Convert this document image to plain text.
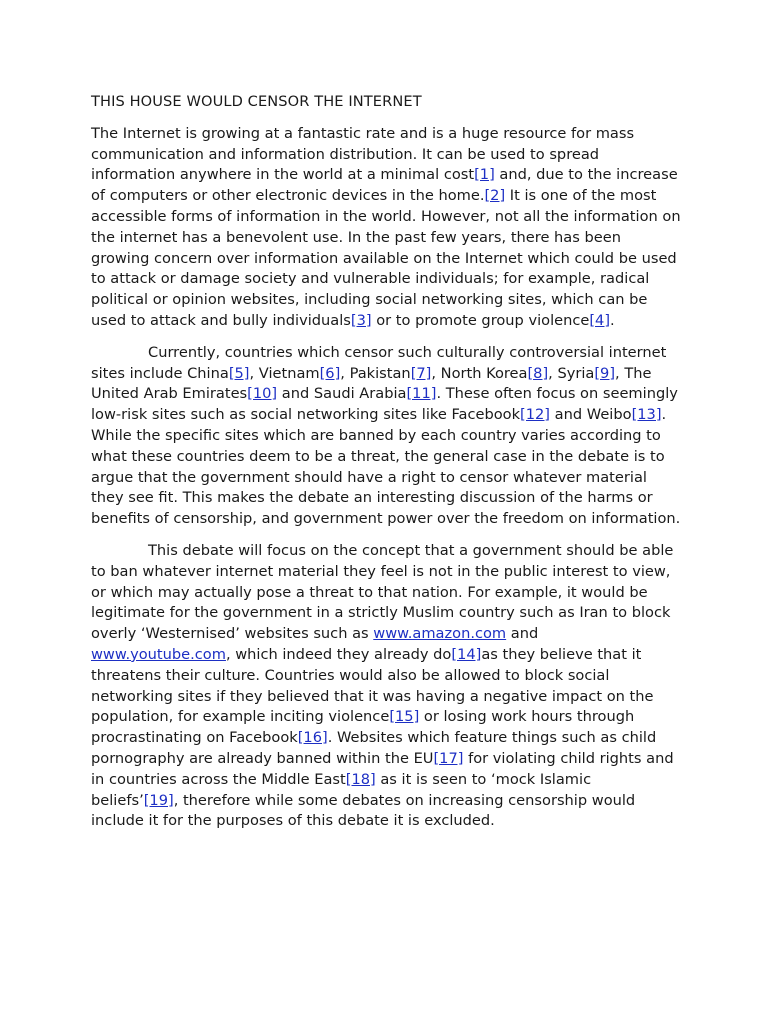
THIS HOUSE WOULD CENSOR THE INTERNET

The Internet is growing at a fantastic rate and is a huge resource for mass communication and information distribution. It can be used to spread information anywhere in the world at a minimal cost[1] and, due to the increase of computers or other electronic devices in the home.[2] It is one of the most accessible forms of information in the world. However, not all the information on the internet has a benevolent use. In the past few years, there has been growing concern over information available on the Internet which could be used to attack or damage society and vulnerable individuals; for example, radical political or opinion websites, including social networking sites, which can be used to attack and bully individuals[3] or to promote group violence[4].

Currently, countries which censor such culturally controversial internet sites include China[5], Vietnam[6], Pakistan[7], North Korea[8], Syria[9], The United Arab Emirates[10] and Saudi Arabia[11]. These often focus on seemingly low-risk sites such as social networking sites like Facebook[12] and Weibo[13]. While the specific sites which are banned by each country varies according to what these countries deem to be a threat, the general case in the debate is to argue that the government should have a right to censor whatever material they see fit. This makes the debate an interesting discussion of the harms or benefits of censorship, and government power over the freedom on information.

This debate will focus on the concept that a government should be able to ban whatever internet material they feel is not in the public interest to view, or which may actually pose a threat to that nation. For example, it would be legitimate for the government in a strictly Muslim country such as Iran to block overly ‘Westernised’ websites such as www.amazon.com and www.youtube.com, which indeed they already do[14]as they believe that it threatens their culture. Countries would also be allowed to block social networking sites if they believed that it was having a negative impact on the population, for example inciting violence[15] or losing work hours through procrastinating on Facebook[16]. Websites which feature things such as child pornography are already banned within the EU[17] for violating child rights and in countries across the Middle East[18] as it is seen to ‘mock Islamic beliefs’[19], therefore while some debates on increasing censorship would include it for the purposes of this debate it is excluded.
